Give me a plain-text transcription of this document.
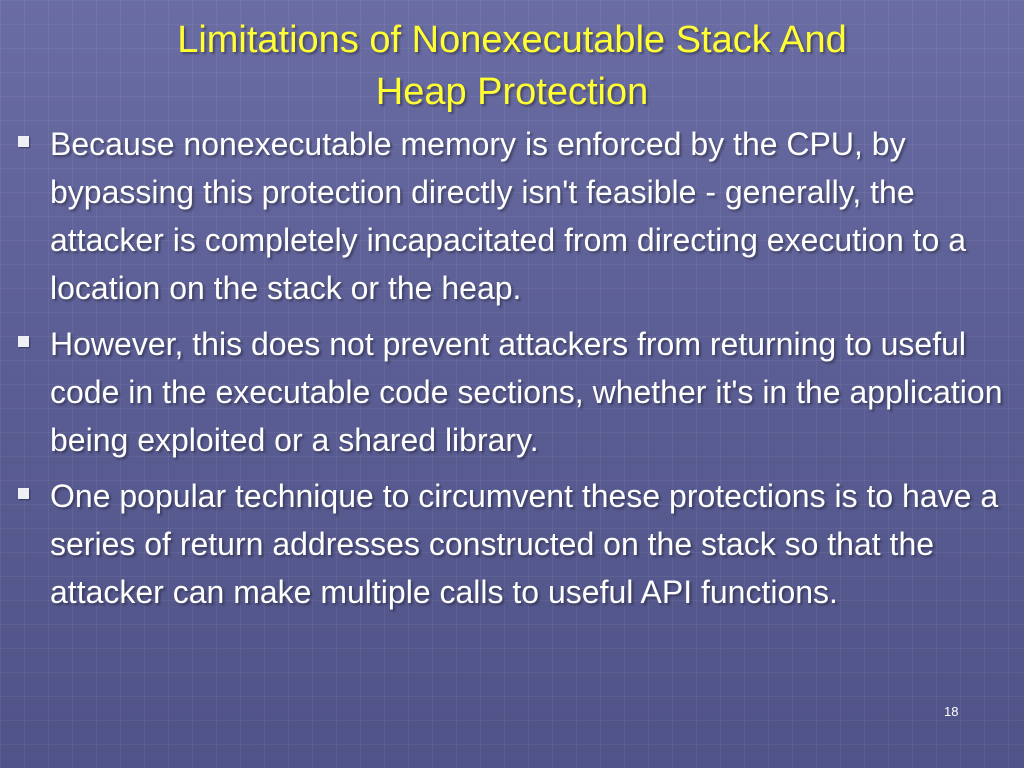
Limitations of Nonexecutable Stack And
Heap Protection
Because nonexecutable memory is enforced by the CPU, by bypassing this protection directly isn't feasible - generally, the attacker is completely incapacitated from directing execution to a location on the stack or the heap.
However, this does not prevent attackers from returning to useful code in the executable code sections, whether it's in the application being exploited or a shared library.
One popular technique to circumvent these protections is to have a series of return addresses constructed on the stack so that the attacker can make multiple calls to useful API functions.
18
